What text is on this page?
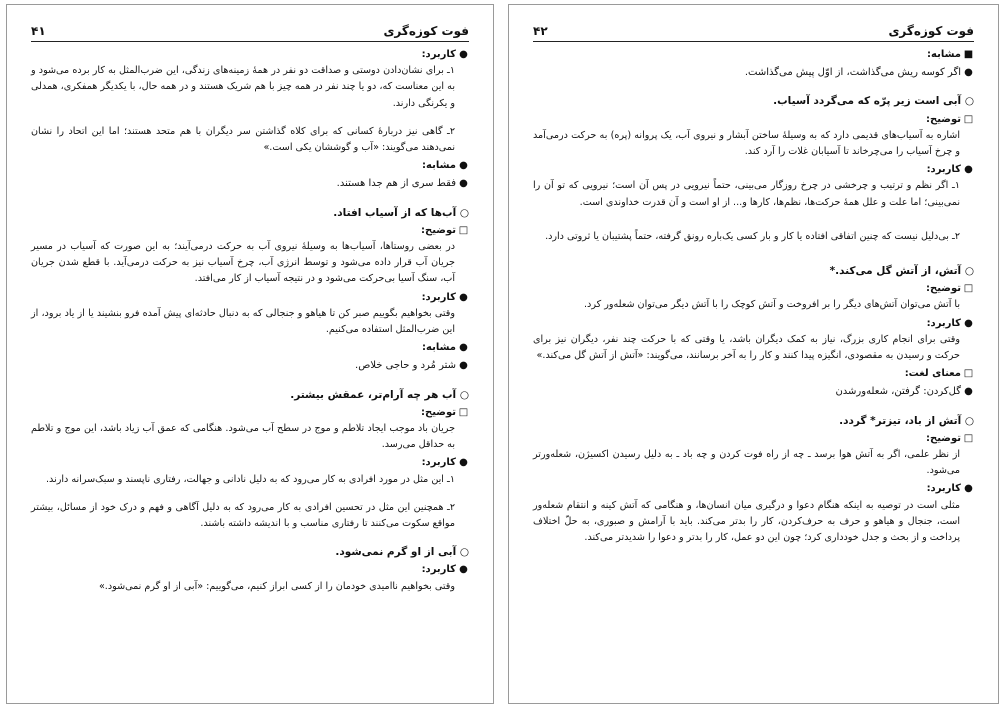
فوت کوزه‌گری
۴۱
●کاربرد:

۱ـ برای نشان‌دادن دوستی و صداقت دو نفر در همهٔ زمینه‌های زندگی، این ضرب‌المثل به کار برده می‌شود و به این معناست که، دو یا چند نفر در همه چیز با هم شریک هستند و در همه حال، با یکدیگر همفکری، همدلی و یکرنگی دارند.

۲ـ گاهی نیز دربارهٔ کسانی که برای کلاه گذاشتن سر دیگران با هم متحد هستند؛ اما این اتحاد را نشان نمی‌دهند می‌گویند: «آب و گوششان یکی است.»

●مشابه:
●فقط سری از هم جدا هستند.
○ آب‌ها که از آسیاب افتاد.
□توضیح:

در بعضی روستاها، آسیاب‌ها به وسیلهٔ نیروی آب به حرکت درمی‌آیند؛ به این صورت که آسیاب در مسیر جریان آب قرار داده می‌شود و توسط انرژی آب، چرخ آسیاب نیز به حرکت درمی‌آید. با قطع شدن جریان آب، سنگ آسیا بی‌حرکت می‌شود و در نتیجه آسیاب از کار می‌افتد.

●کاربرد:

وقتی بخواهیم بگوییم صبر کن تا هیاهو و جنجالی که به دنبال حادثه‌ای پیش آمده فرو بنشیند یا از یاد برود، از این ضرب‌المثل استفاده می‌کنیم.

●مشابه:
●شتر مُرد و حاجی خلاص.
○ آب هر چه آرام‌تر، عمقش بیشتر.
□توضیح:

جریان باد موجب ایجاد تلاطم و موج در سطح آب می‌شود. هنگامی که عمق آب زیاد باشد، این موج و تلاطم به حداقل می‌رسد.

●کاربرد:

۱ـ این مثل در مورد افرادی به کار می‌رود که به دلیل نادانی و جهالت، رفتاری ناپسند و سبک‌سرانه دارند.

۲ـ همچنین این مثل در تحسین افرادی به کار می‌رود که به دلیل آگاهی و فهم و درک خود از مسائل، بیشتر مواقع سکوت می‌کنند تا رفتاری مناسب و با اندیشه داشته باشند.

○ آبی از او گرم نمی‌شود.
●کاربرد:

وقتی بخواهیم ناامیدی خودمان را از کسی ابراز کنیم، می‌گوییم: «آبی از او گرم نمی‌شود.»

فوت کوزه‌گری
۴۲
■مشابه:
●اگر کوسه ریش می‌گذاشت، از اوّل پیش می‌گذاشت.
○ آبی است زیر پرّه که می‌گردد آسیاب.
□توضیح:

اشاره به آسیاب‌های قدیمی دارد که به وسیلهٔ ساختن آبشار و نیروی آب، یک پروانه (پره) به حرکت درمی‌آمد و چرخ آسیاب را می‌چرخاند تا آسیابان غلات را آرد کند.

●کاربرد:

۱ـ اگر نظم و ترتیب و چرخشی در چرخ روزگار می‌بینی، حتماً نیرویی در پس آن است؛ نیرویی که تو آن را نمی‌بینی؛ اما علت و علل همهٔ حرکت‌ها، نظم‌ها، کارها و... از او است و آن قدرت خداوندی است.

۲ـ بی‌دلیل نیست که چنین اتفاقی افتاده یا کار و بار کسی یک‌باره رونق گرفته، حتماً پشتیبان یا ثروتی دارد.

○ آتش، از آتش گل می‌کند.*
□توضیح:

با آتش می‌توان آتش‌های دیگر را بر افروخت و آتش کوچک را با آتش دیگر می‌توان شعله‌ور کرد.

●کاربرد:

وقتی برای انجام کاری بزرگ، نیاز به کمک دیگران باشد، یا وقتی که با حرکت چند نفر، دیگران نیز برای حرکت و رسیدن به مقصودی، انگیزه پیدا کنند و کار را به آخر برسانند، می‌گویند: «آتش از آتش گل می‌کند.»

□معنای لغت:
●گل‌کردن: گرفتن، شعله‌ورشدن
○ آتش از باد، تیزتر* گردد.
□توضیح:

از نظر علمی، اگر به آتش هوا برسد ـ چه از راه فوت کردن و چه باد ـ به دلیل رسیدن اکسیژن، شعله‌ورتر می‌شود.

●کاربرد:

مثلی است در توصیه به اینکه هنگام دعوا و درگیری میان انسان‌ها، و هنگامی که آتش کینه و انتقام شعله‌ور است، جنجال و هیاهو و حرف به حرف‌کردن، کار را بدتر می‌کند. باید با آرامش و صبوری، به حلّ اختلاف پرداخت و از بحث و جدل خودداری کرد؛ چون این دو عمل، کار را بدتر و دعوا را شدیدتر می‌کند.
